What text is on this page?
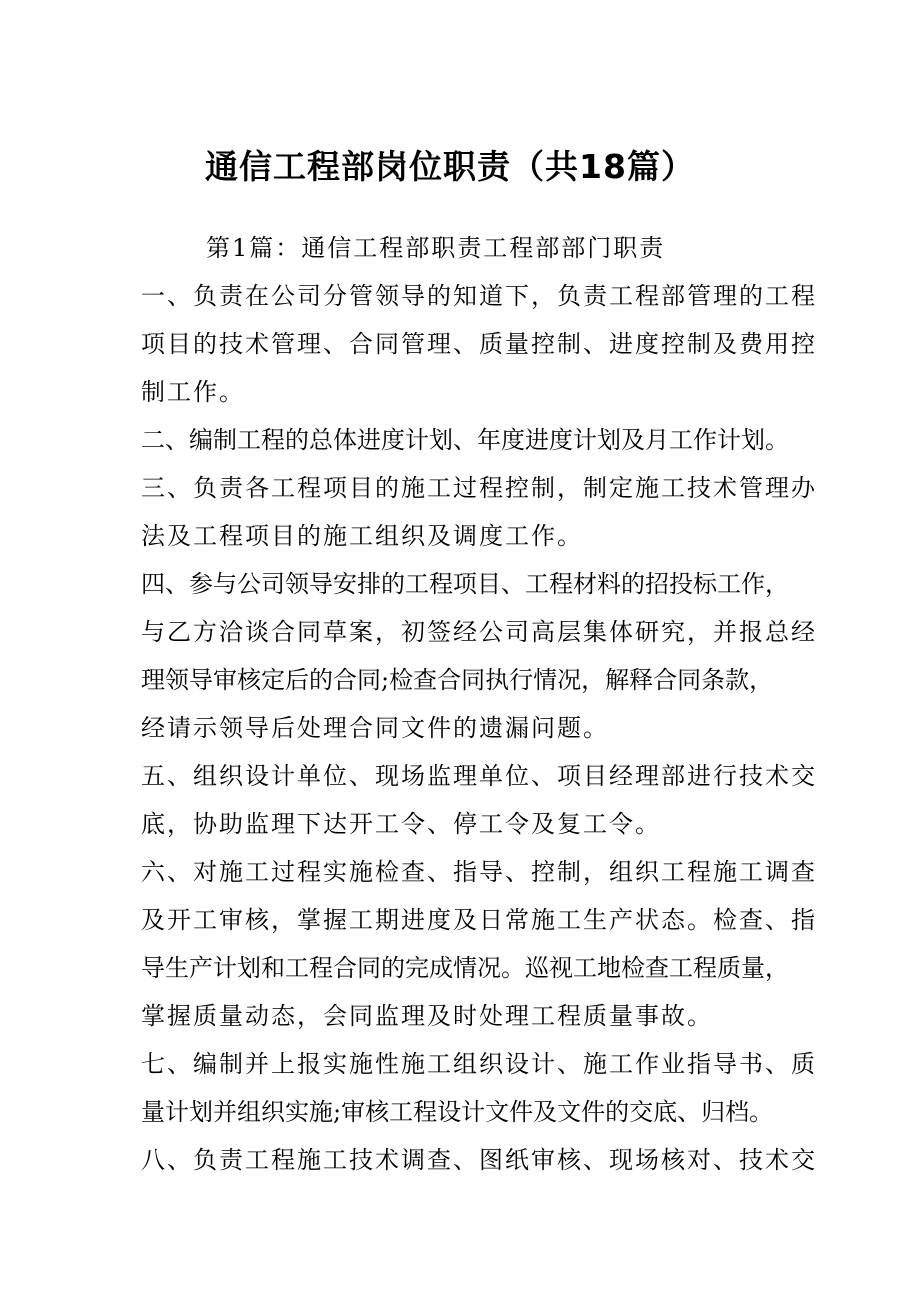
通信工程部岗位职责（共18篇）
第1篇：通信工程部职责工程部部门职责
一、负责在公司分管领导的知道下，负责工程部管理的工程
项目的技术管理、合同管理、质量控制、进度控制及费用控
制工作。
二、编制工程的总体进度计划、年度进度计划及月工作计划。
三、负责各工程项目的施工过程控制，制定施工技术管理办
法及工程项目的施工组织及调度工作。
四、参与公司领导安排的工程项目、工程材料的招投标工作，
与乙方洽谈合同草案，初签经公司高层集体研究，并报总经
理领导审核定后的合同;检查合同执行情况，解释合同条款，
经请示领导后处理合同文件的遗漏问题。
五、组织设计单位、现场监理单位、项目经理部进行技术交
底，协助监理下达开工令、停工令及复工令。
六、对施工过程实施检查、指导、控制，组织工程施工调查
及开工审核，掌握工期进度及日常施工生产状态。检查、指
导生产计划和工程合同的完成情况。巡视工地检查工程质量，
掌握质量动态，会同监理及时处理工程质量事故。
七、编制并上报实施性施工组织设计、施工作业指导书、质
量计划并组织实施;审核工程设计文件及文件的交底、归档。
八、负责工程施工技术调查、图纸审核、现场核对、技术交
